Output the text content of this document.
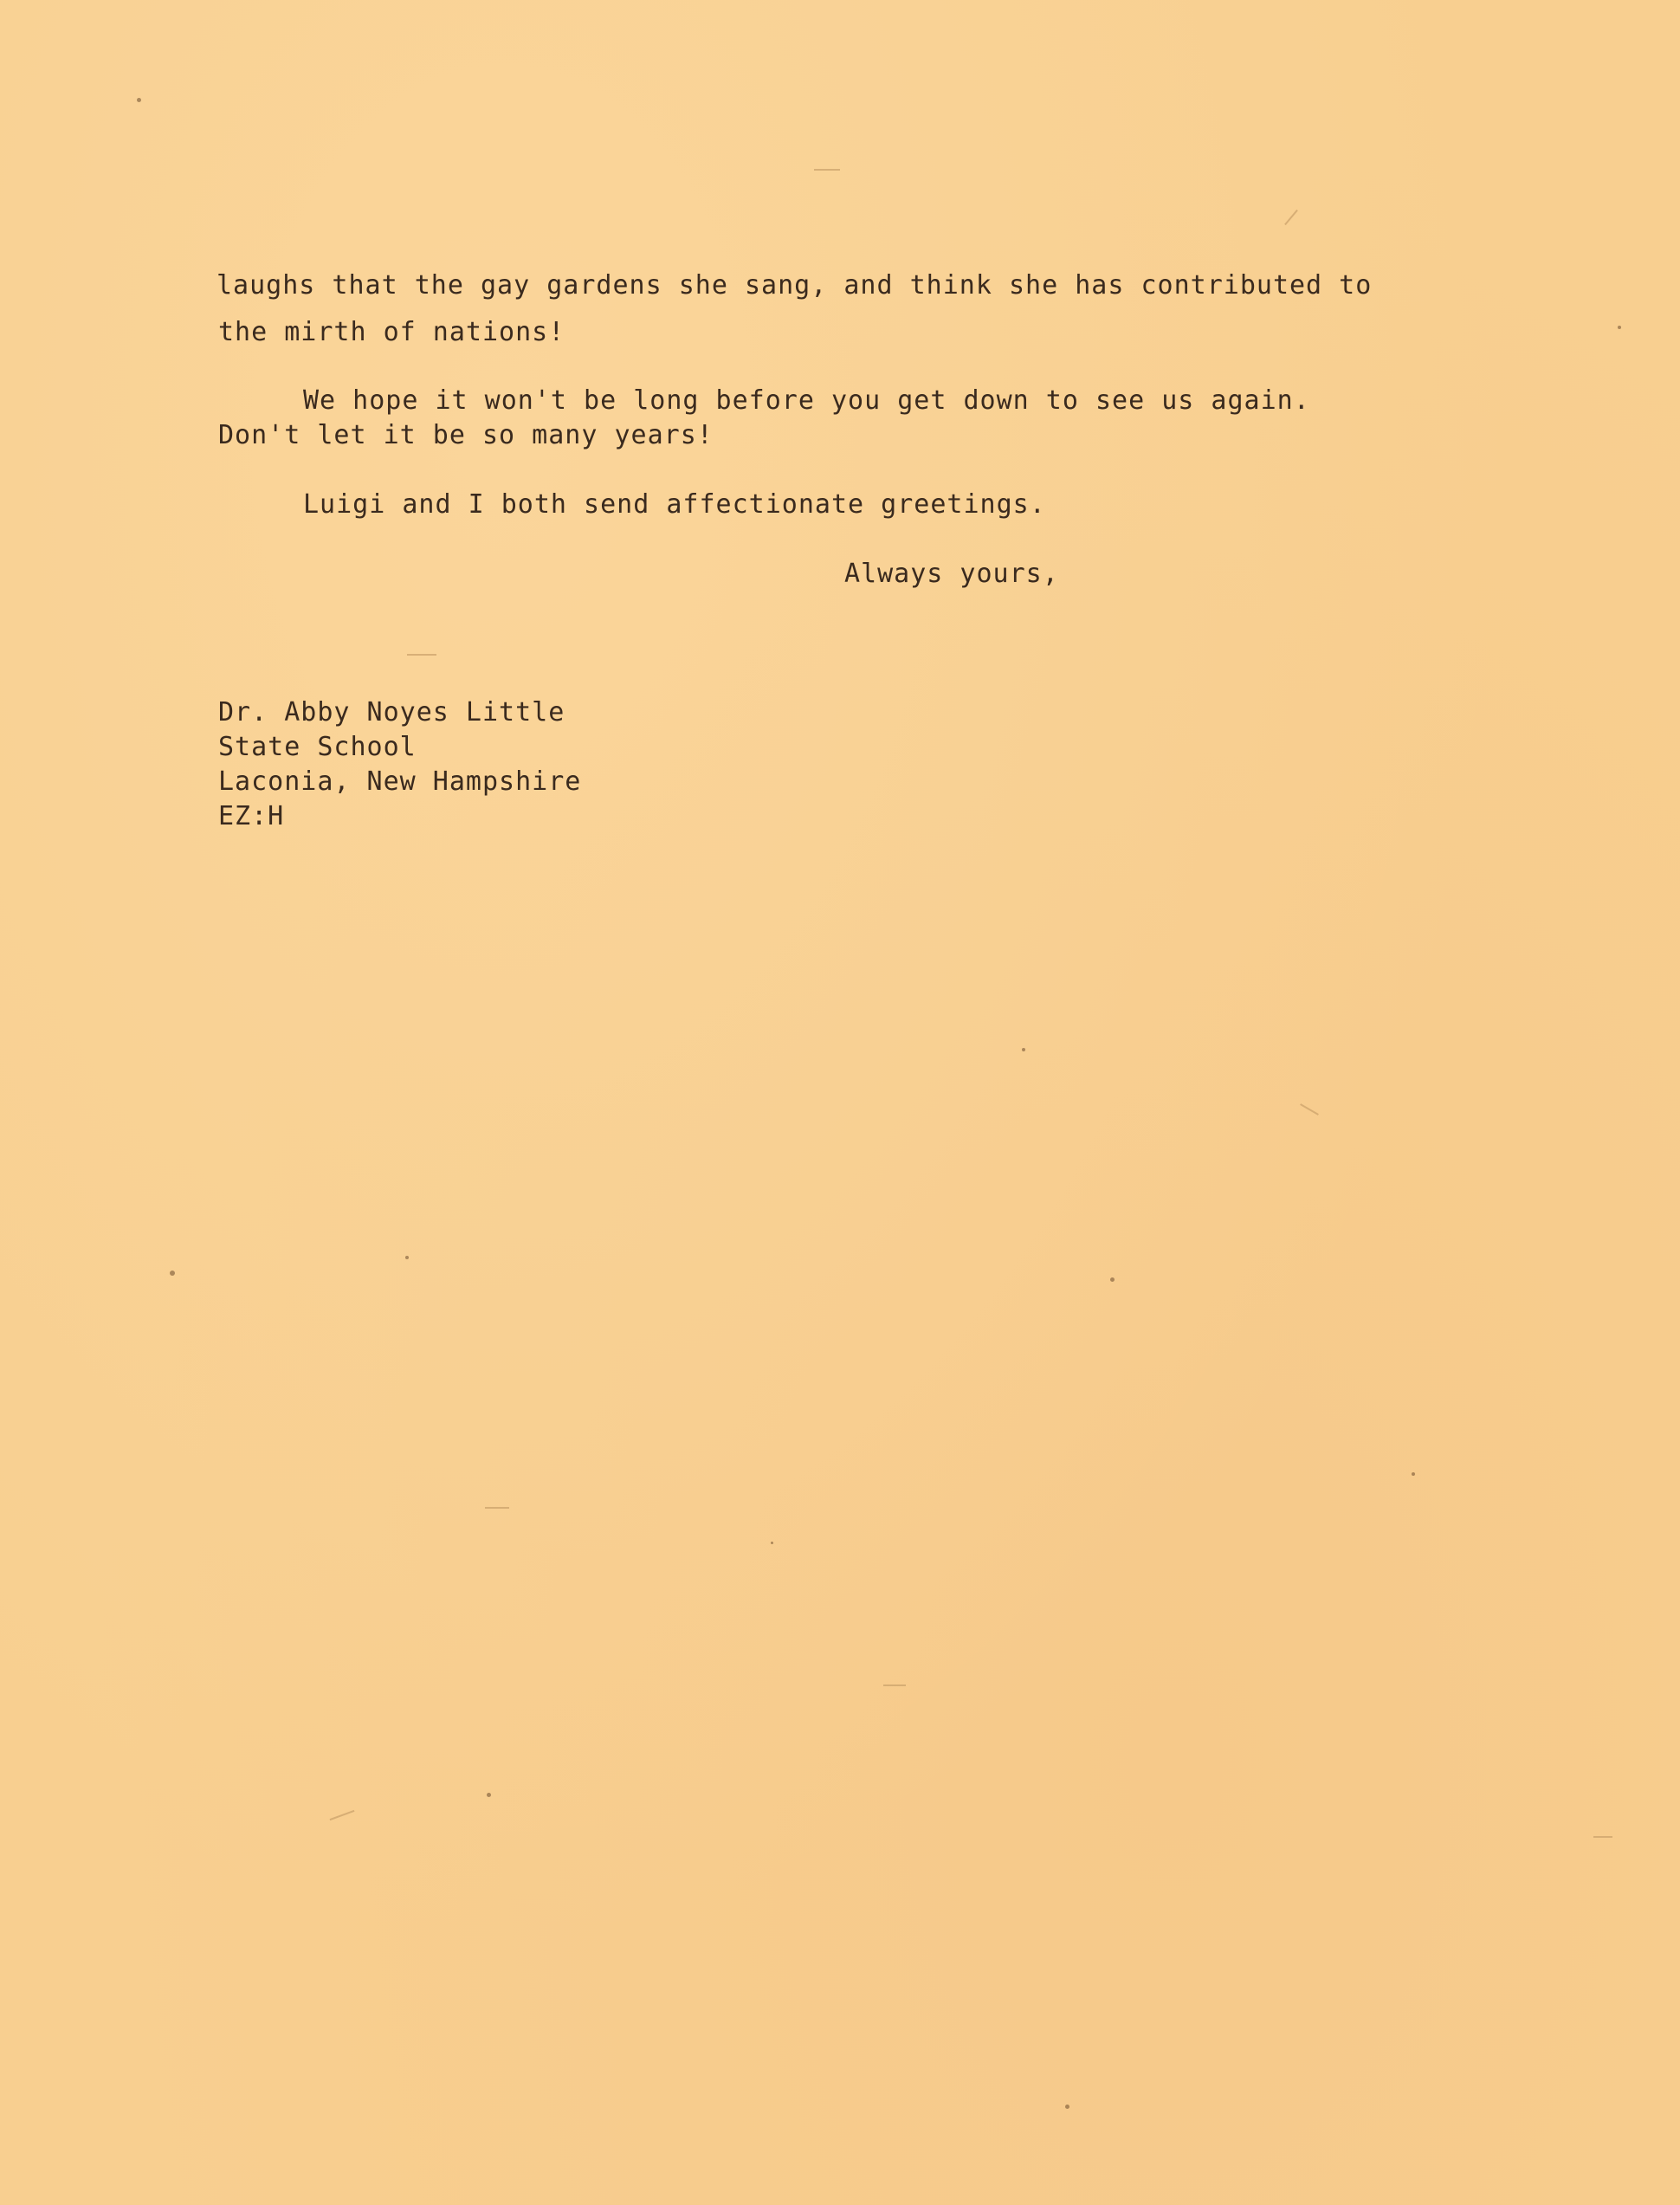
laughs that the gay gardens she sang, and think she has contributed to
the mirth of nations!
We hope it won't be long before you get down to see us again.
Don't let it be so many years!
Luigi and I both send affectionate greetings.
Always yours,
Dr. Abby Noyes Little
State School
Laconia, New Hampshire
EZ:H
